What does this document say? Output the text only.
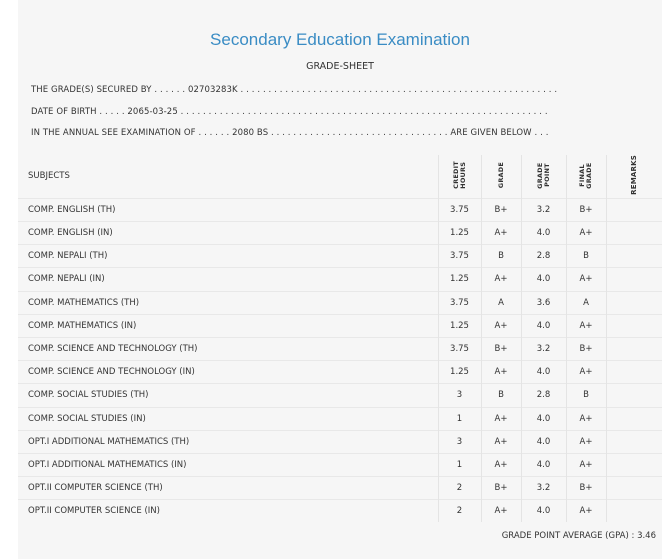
Secondary Education Examination
GRADE-SHEET
THE GRADE(S) SECURED BY . . . . . . 02703283K . . . . . . . . . . . . . . . . . . . . . . . . . . . . . . . . . . . . . . . . . . . . . . . . . . . . . . . . .
DATE OF BIRTH . . . . . 2065-03-25 . . . . . . . . . . . . . . . . . . . . . . . . . . . . . . . . . . . . . . . . . . . . . . . . . . . . . . . . . . . . . . . . . .
IN THE ANNUAL SEE EXAMINATION OF . . . . . . 2080 BS . . . . . . . . . . . . . . . . . . . . . . . . . . . . . . . . ARE GIVEN BELOW . . .
SUBJECTS	CREDIT HOURS	GRADE	GRADE POINT	FINAL GRADE	REMARKS
COMP. ENGLISH (TH)	3.75	B+	3.2	B+	
COMP. ENGLISH (IN)	1.25	A+	4.0	A+	
COMP. NEPALI (TH)	3.75	B	2.8	B	
COMP. NEPALI (IN)	1.25	A+	4.0	A+	
COMP. MATHEMATICS (TH)	3.75	A	3.6	A	
COMP. MATHEMATICS (IN)	1.25	A+	4.0	A+	
COMP. SCIENCE AND TECHNOLOGY (TH)	3.75	B+	3.2	B+	
COMP. SCIENCE AND TECHNOLOGY (IN)	1.25	A+	4.0	A+	
COMP. SOCIAL STUDIES (TH)	3	B	2.8	B	
COMP. SOCIAL STUDIES (IN)	1	A+	4.0	A+	
OPT.I ADDITIONAL MATHEMATICS (TH)	3	A+	4.0	A+	
OPT.I ADDITIONAL MATHEMATICS (IN)	1	A+	4.0	A+	
OPT.II COMPUTER SCIENCE (TH)	2	B+	3.2	B+	
OPT.II COMPUTER SCIENCE (IN)	2	A+	4.0	A+	
GRADE POINT AVERAGE (GPA) : 3.46
